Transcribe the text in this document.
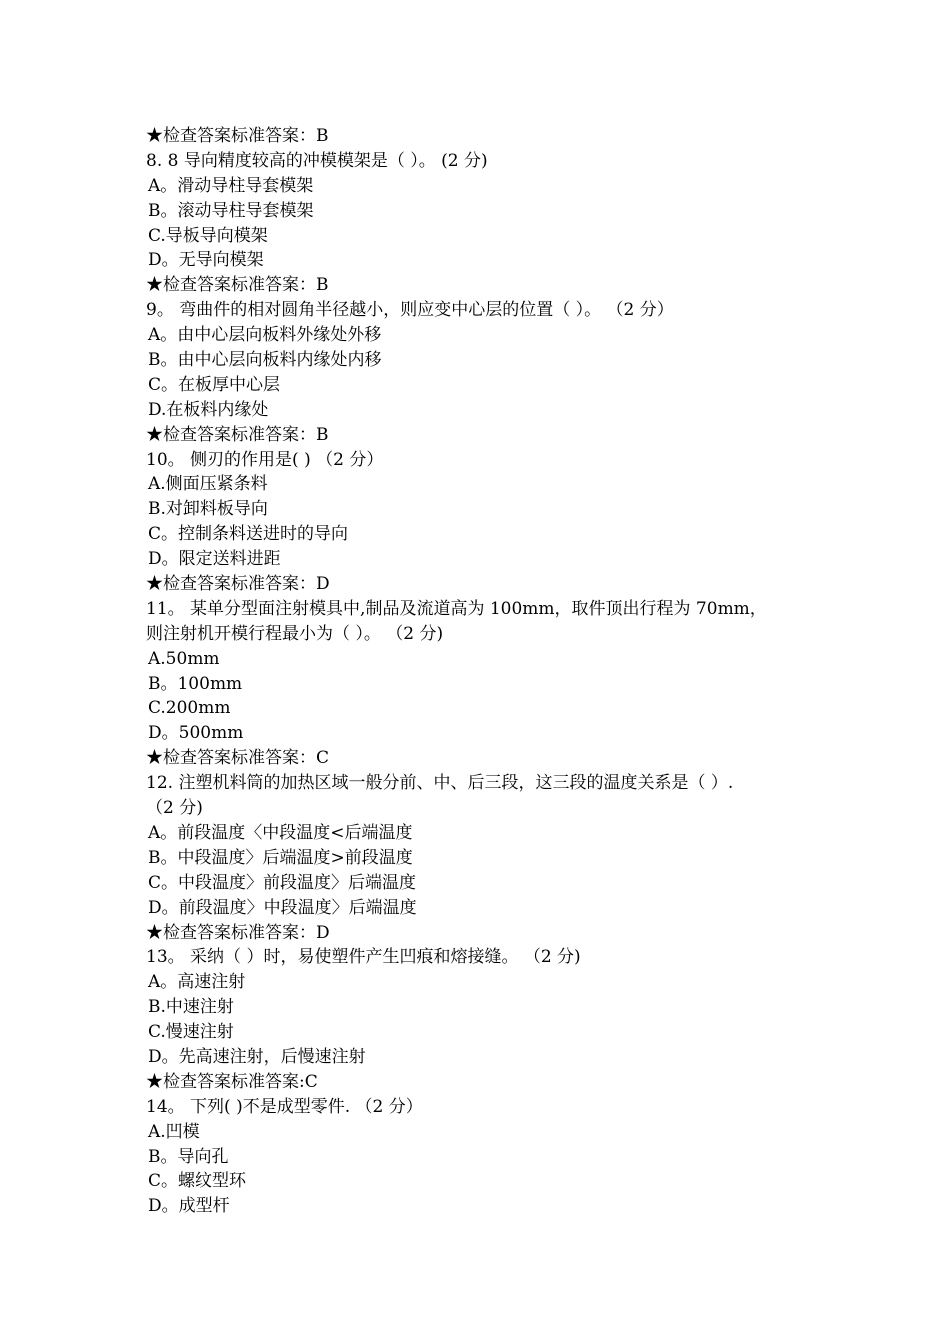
★检查答案标准答案：B
8. 8 导向精度较高的冲模模架是（ ）。 (2 分)
A。滑动导柱导套模架
B。滚动导柱导套模架
C.导板导向模架
D。无导向模架
★检查答案标准答案：B
9。 弯曲件的相对圆角半径越小，则应变中心层的位置（ ）。 （2 分）
A。由中心层向板料外缘处外移
B。由中心层向板料内缘处内移
C。在板厚中心层
D.在板料内缘处
★检查答案标准答案：B
10。 侧刃的作用是( ) （2 分）
A.侧面压紧条料
B.对卸料板导向
C。控制条料送进时的导向
D。限定送料进距
★检查答案标准答案：D
11。 某单分型面注射模具中,制品及流道高为 100mm，取件顶出行程为 70mm，
则注射机开模行程最小为（ ）。 （2 分)
A.50mm
B。100mm
C.200mm
D。500mm
★检查答案标准答案：C
12. 注塑机料筒的加热区域一般分前、中、后三段，这三段的温度关系是（ ）.
（2 分)
A。前段温度〈中段温度<后端温度
B。中段温度〉后端温度>前段温度
C。中段温度〉前段温度〉后端温度
D。前段温度〉中段温度〉后端温度
★检查答案标准答案：D
13。 采纳（ ）时，易使塑件产生凹痕和熔接缝。 （2 分)
A。高速注射
B.中速注射
C.慢速注射
D。先高速注射，后慢速注射
★检查答案标准答案:C
14。 下列( )不是成型零件. （2 分）
A.凹模
B。导向孔
C。螺纹型环
D。成型杆
